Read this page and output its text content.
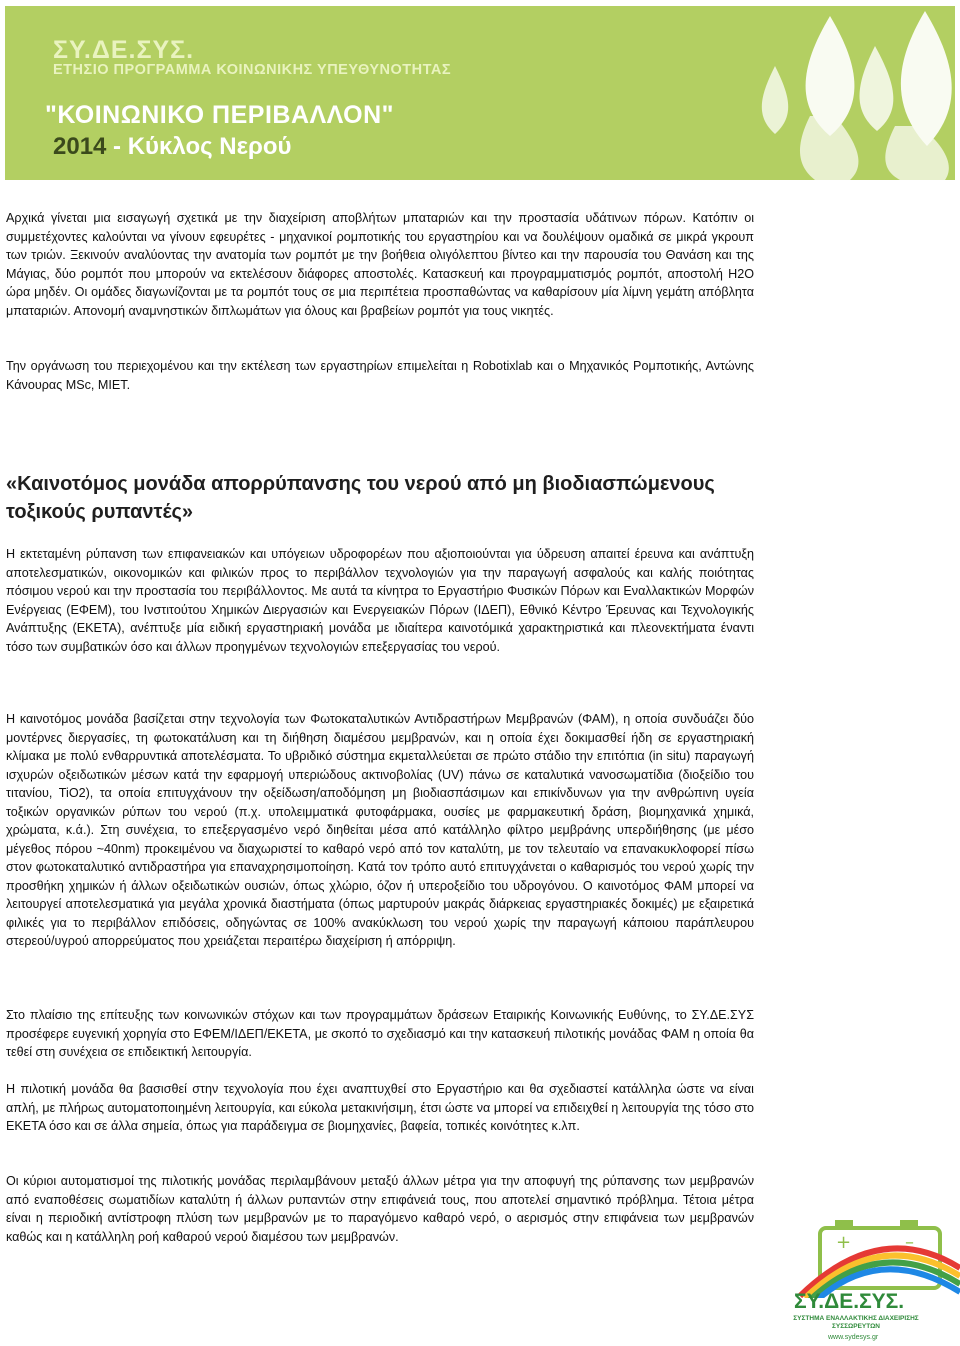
ΣΥ.ΔΕ.ΣΥΣ.
ΕΤΗΣΙΟ ΠΡΟΓΡΑΜΜΑ ΚΟΙΝΩΝΙΚΗΣ ΥΠΕΥΘΥΝΟΤΗΤΑΣ
"ΚΟΙΝΩΝΙΚΟ ΠΕΡΙΒΑΛΛΟΝ"
2014 - Κύκλος Νερού

Αρχικά γίνεται μια εισαγωγή σχετικά με την διαχείριση αποβλήτων μπαταριών και την προστασία υδάτινων πόρων. Κατόπιν οι συμμετέχοντες καλούνται να γίνουν εφευρέτες - μηχανικοί ρομποτικής του εργαστηρίου και να δουλέψουν ομαδικά σε μικρά γκρουπ των τριών. Ξεκινούν αναλύοντας την ανατομία των ρομπότ με την βοήθεια ολιγόλεπτου βίντεο και την παρουσία του Θανάση και της Μάγιας, δύο ρομπότ που μπορούν να εκτελέσουν διάφορες αποστολές. Κατασκευή και προγραμματισμός ρομπότ, αποστολή Η2Ο ώρα μηδέν. Οι ομάδες διαγωνίζονται με τα ρομπότ τους σε μια περιπέτεια προσπαθώντας να καθαρίσουν μία λίμνη γεμάτη απόβλητα μπαταριών. Απονομή αναμνηστικών διπλωμάτων για όλους και βραβείων ρομπότ για τους νικητές.

Την οργάνωση του περιεχομένου και την εκτέλεση των εργαστηρίων επιμελείται η Robotixlab και ο Μηχανικός Ρομποτικής, Αντώνης Κάνουρας MSc, MIET.

«Καινοτόμος μονάδα απορρύπανσης του νερού από μη βιοδιασπώμενους τοξικούς ρυπαντές»

Η εκτεταμένη ρύπανση των επιφανειακών και υπόγειων υδροφορέων που αξιοποιούνται για ύδρευση απαιτεί έρευνα και ανάπτυξη αποτελεσματικών, οικονομικών και φιλικών προς το περιβάλλον τεχνολογιών για την παραγωγή ασφαλούς και καλής ποιότητας πόσιμου νερού και την προστασία του περιβάλλοντος. Με αυτά τα κίνητρα το Εργαστήριο Φυσικών Πόρων και Εναλλακτικών Μορφών Ενέργειας (ΕΦΕΜ), του Ινστιτούτου Χημικών Διεργασιών και Ενεργειακών Πόρων (ΙΔΕΠ), Εθνικό Κέντρο Έρευνας και Τεχνολογικής Ανάπτυξης (ΕΚΕΤΑ), ανέπτυξε μία ειδική εργαστηριακή μονάδα με ιδιαίτερα καινοτόμικά χαρακτηριστικά και πλεονεκτήματα έναντι τόσο των συμβατικών όσο και άλλων προηγμένων τεχνολογιών επεξεργασίας του νερού.

Η καινοτόμος μονάδα βασίζεται στην τεχνολογία των Φωτοκαταλυτικών Αντιδραστήρων Μεμβρανών (ΦΑΜ), η οποία συνδυάζει δύο μοντέρνες διεργασίες, τη φωτοκατάλυση και τη διήθηση διαμέσου μεμβρανών, και η οποία έχει δοκιμασθεί ήδη σε εργαστηριακή κλίμακα με πολύ ενθαρρυντικά αποτελέσματα. Το υβριδικό σύστημα εκμεταλλεύεται σε πρώτο στάδιο την επιτόπια (in situ) παραγωγή ισχυρών οξειδωτικών μέσων κατά την εφαρμογή υπεριώδους ακτινοβολίας (UV) πάνω σε καταλυτικά νανοσωματίδια (διοξείδιο του τιτανίου, TiO2), τα οποία επιτυγχάνουν την οξείδωση/αποδόμηση μη βιοδιασπάσιμων και επικίνδυνων για την ανθρώπινη υγεία τοξικών οργανικών ρύπων του νερού (π.χ. υπολειμματικά φυτοφάρμακα, ουσίες με φαρμακευτική δράση, βιομηχανικά χημικά, χρώματα, κ.ά.). Στη συνέχεια, το επεξεργασμένο νερό διηθείται μέσα από κατάλληλο φίλτρο μεμβράνης υπερδιήθησης (με μέσο μέγεθος πόρου ~40nm) προκειμένου να διαχωριστεί το καθαρό νερό από τον καταλύτη, με τον τελευταίο να επανακυκλοφορεί πίσω στον φωτοκαταλυτικό αντιδραστήρα για επαναχρησιμοποίηση. Κατά τον τρόπο αυτό επιτυγχάνεται ο καθαρισμός του νερού χωρίς την προσθήκη χημικών ή άλλων οξειδωτικών ουσιών, όπως χλώριο, όζον ή υπεροξείδιο του υδρογόνου. Ο καινοτόμος ΦΑΜ μπορεί να λειτουργεί αποτελεσματικά για μεγάλα χρονικά διαστήματα (όπως μαρτυρούν μακράς διάρκειας εργαστηριακές δοκιμές) με εξαιρετικά φιλικές για το περιβάλλον επιδόσεις, οδηγώντας σε 100% ανακύκλωση του νερού χωρίς την παραγωγή κάποιου παράπλευρου στερεού/υγρού απορρεύματος που χρειάζεται περαιτέρω διαχείριση ή απόρριψη.

Στο πλαίσιο της επίτευξης των κοινωνικών στόχων και των προγραμμάτων δράσεων Εταιρικής Κοινωνικής Ευθύνης, το ΣΥ.ΔΕ.ΣΥΣ προσέφερε ευγενική χορηγία στο ΕΦΕΜ/ΙΔΕΠ/ΕΚΕΤΑ, με σκοπό το σχεδιασμό και την κατασκευή πιλοτικής μονάδας ΦΑΜ η οποία θα τεθεί στη συνέχεια σε επιδεικτική λειτουργία.

Η πιλοτική μονάδα θα βασισθεί στην τεχνολογία που έχει αναπτυχθεί στο Εργαστήριο και θα σχεδιαστεί κατάλληλα ώστε να είναι απλή, με πλήρως αυτοματοποιημένη λειτουργία, και εύκολα μετακινήσιμη, έτσι ώστε να μπορεί να επιδειχθεί η λειτουργία της τόσο στο ΕΚΕΤΑ όσο και σε άλλα σημεία, όπως για παράδειγμα σε βιομηχανίες, βαφεία, τοπικές κοινότητες κ.λπ.

Οι κύριοι αυτοματισμοί της πιλοτικής μονάδας περιλαμβάνουν μεταξύ άλλων μέτρα για την αποφυγή της ρύπανσης των μεμβρανών από εναποθέσεις σωματιδίων καταλύτη ή άλλων ρυπαντών στην επιφάνειά τους, που αποτελεί σημαντικό πρόβλημα. Τέτοια μέτρα είναι η περιοδική αντίστροφη πλύση των μεμβρανών με το παραγόμενο καθαρό νερό, ο αερισμός στην επιφάνεια των μεμβρανών καθώς και η κατάλληλη ροή καθαρού νερού διαμέσου των μεμβρανών.	+	–
ΣΥ.ΔΕ.ΣΥΣ.
ΣΥΣΤΗΜΑ ΕΝΑΛΛΑΚΤΙΚΗΣ ΔΙΑΧΕΙΡΙΣΗΣ ΣΥΣΣΩΡΕΥΤΩΝ
www.sydesys.gr
